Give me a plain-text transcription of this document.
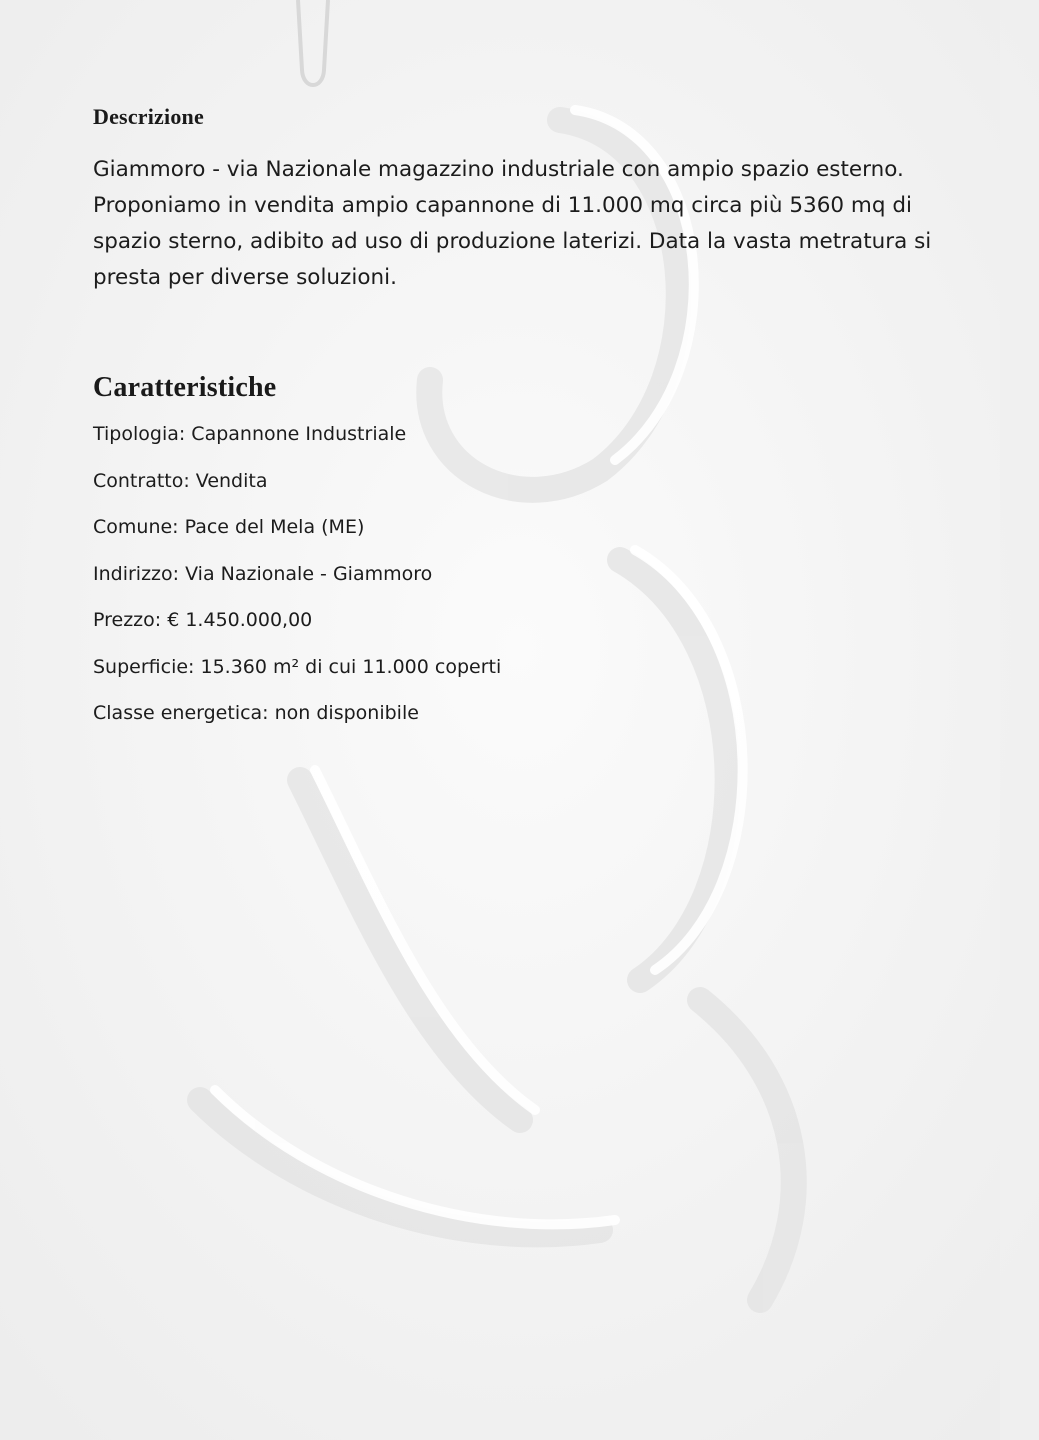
Descrizione

Giammoro - via Nazionale magazzino industriale con ampio spazio esterno. Proponiamo in vendita ampio capannone di 11.000 mq circa più 5360 mq di spazio sterno, adibito ad uso di produzione laterizi. Data la vasta metratura si presta per diverse soluzioni.

Caratteristiche
Tipologia: Capannone Industriale
Contratto: Vendita
Comune: Pace del Mela (ME)
Indirizzo: Via Nazionale - Giammoro
Prezzo: € 1.450.000,00
Superficie: 15.360 m² di cui 11.000 coperti
Classe energetica: non disponibile
